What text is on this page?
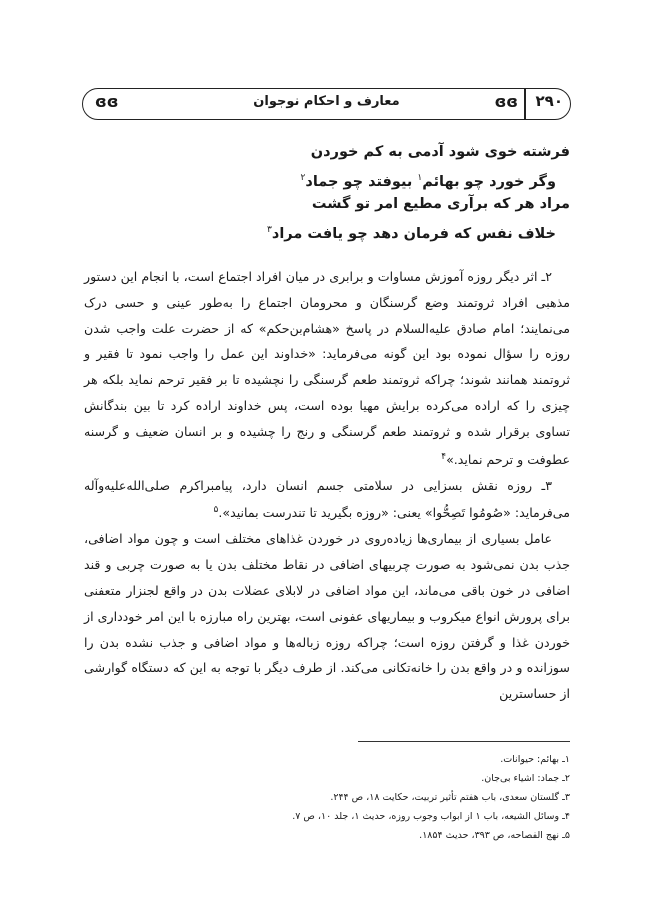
ɞɞ	معارف و احکام نوجوان	ɞɞ ۲۹۰
فرشته خوی شود آدمی به کم خوردن
وگر خورد چو بهائم$^۱$ بیوفتد چو جماد$^۲$
مراد هر که برآری مطیع امر تو گشت
خلاف نفس که فرمان دهد چو یافت مراد$^۳$

۲ـ اثر دیگر روزه آموزش مساوات و برابری در میان افراد اجتماع است، با انجام این دستور مذهبی افراد ثروتمند وضع گرسنگان و محرومان اجتماع را به‌طور عینی و حسی درک می‌نمایند؛ امام صادق علیه‌السلام در پاسخ «هشام‌بن‌حکم» که از حضرت علت واجب شدن روزه را سؤال نموده بود این گونه می‌فرماید: «خداوند این عمل را واجب نمود تا فقیر و ثروتمند همانند شوند؛ چراکه ثروتمند طعم گرسنگی را نچشیده تا بر فقیر ترحم نماید بلکه هر چیزی را که اراده می‌کرده برایش مهیا بوده است، پس خداوند اراده کرد تا بین بندگانش تساوی برقرار شده و ثروتمند طعم گرسنگی و رنج را چشیده و بر انسان ضعیف و گرسنه عطوفت و ترحم نماید.»$^۴$

۳ـ روزه نقش بسزایی در سلامتی جسم انسان دارد، پیامبراکرم صلی‌الله‌علیه‌وآله می‌فرماید: «صُومُوا تَصِحُّوا» یعنی: «روزه بگیرید تا تندرست بمانید».$^۵$

عامل بسیاری از بیماری‌ها زیاده‌روی در خوردن غذاهای مختلف است و چون مواد اضافی، جذب بدن نمی‌شود به صورت چربیهای اضافی در نقاط مختلف بدن یا به صورت چربی و قند اضافی در خون باقی می‌ماند، این مواد اضافی در لابلای عضلات بدن در واقع لجنزار متعفنی برای پرورش انواع میکروب و بیماریهای عفونی است، بهترین راه مبارزه با این امر خودداری از خوردن غذا و گرفتن روزه است؛ چراکه روزه زباله‌ها و مواد اضافی و جذب نشده بدن را سوزانده و در واقع بدن را خانه‌تکانی می‌کند. از طرف دیگر با توجه به این که دستگاه گوارشی از حساسترین

۱ـ بهائم: حیوانات.
۲ـ جماد: اشیاء بی‌جان.
۳ـ گلستان سعدی، باب هفتم تأثیر تربیت، حکایت ۱۸، ص ۲۴۴.
۴ـ وسائل الشیعه، باب ۱ از ابواب وجوب روزه، حدیث ۱، جلد ۱۰، ص ۷.
۵ـ نهج الفصاحه، ص ۳۹۳، حدیث ۱۸۵۴.
